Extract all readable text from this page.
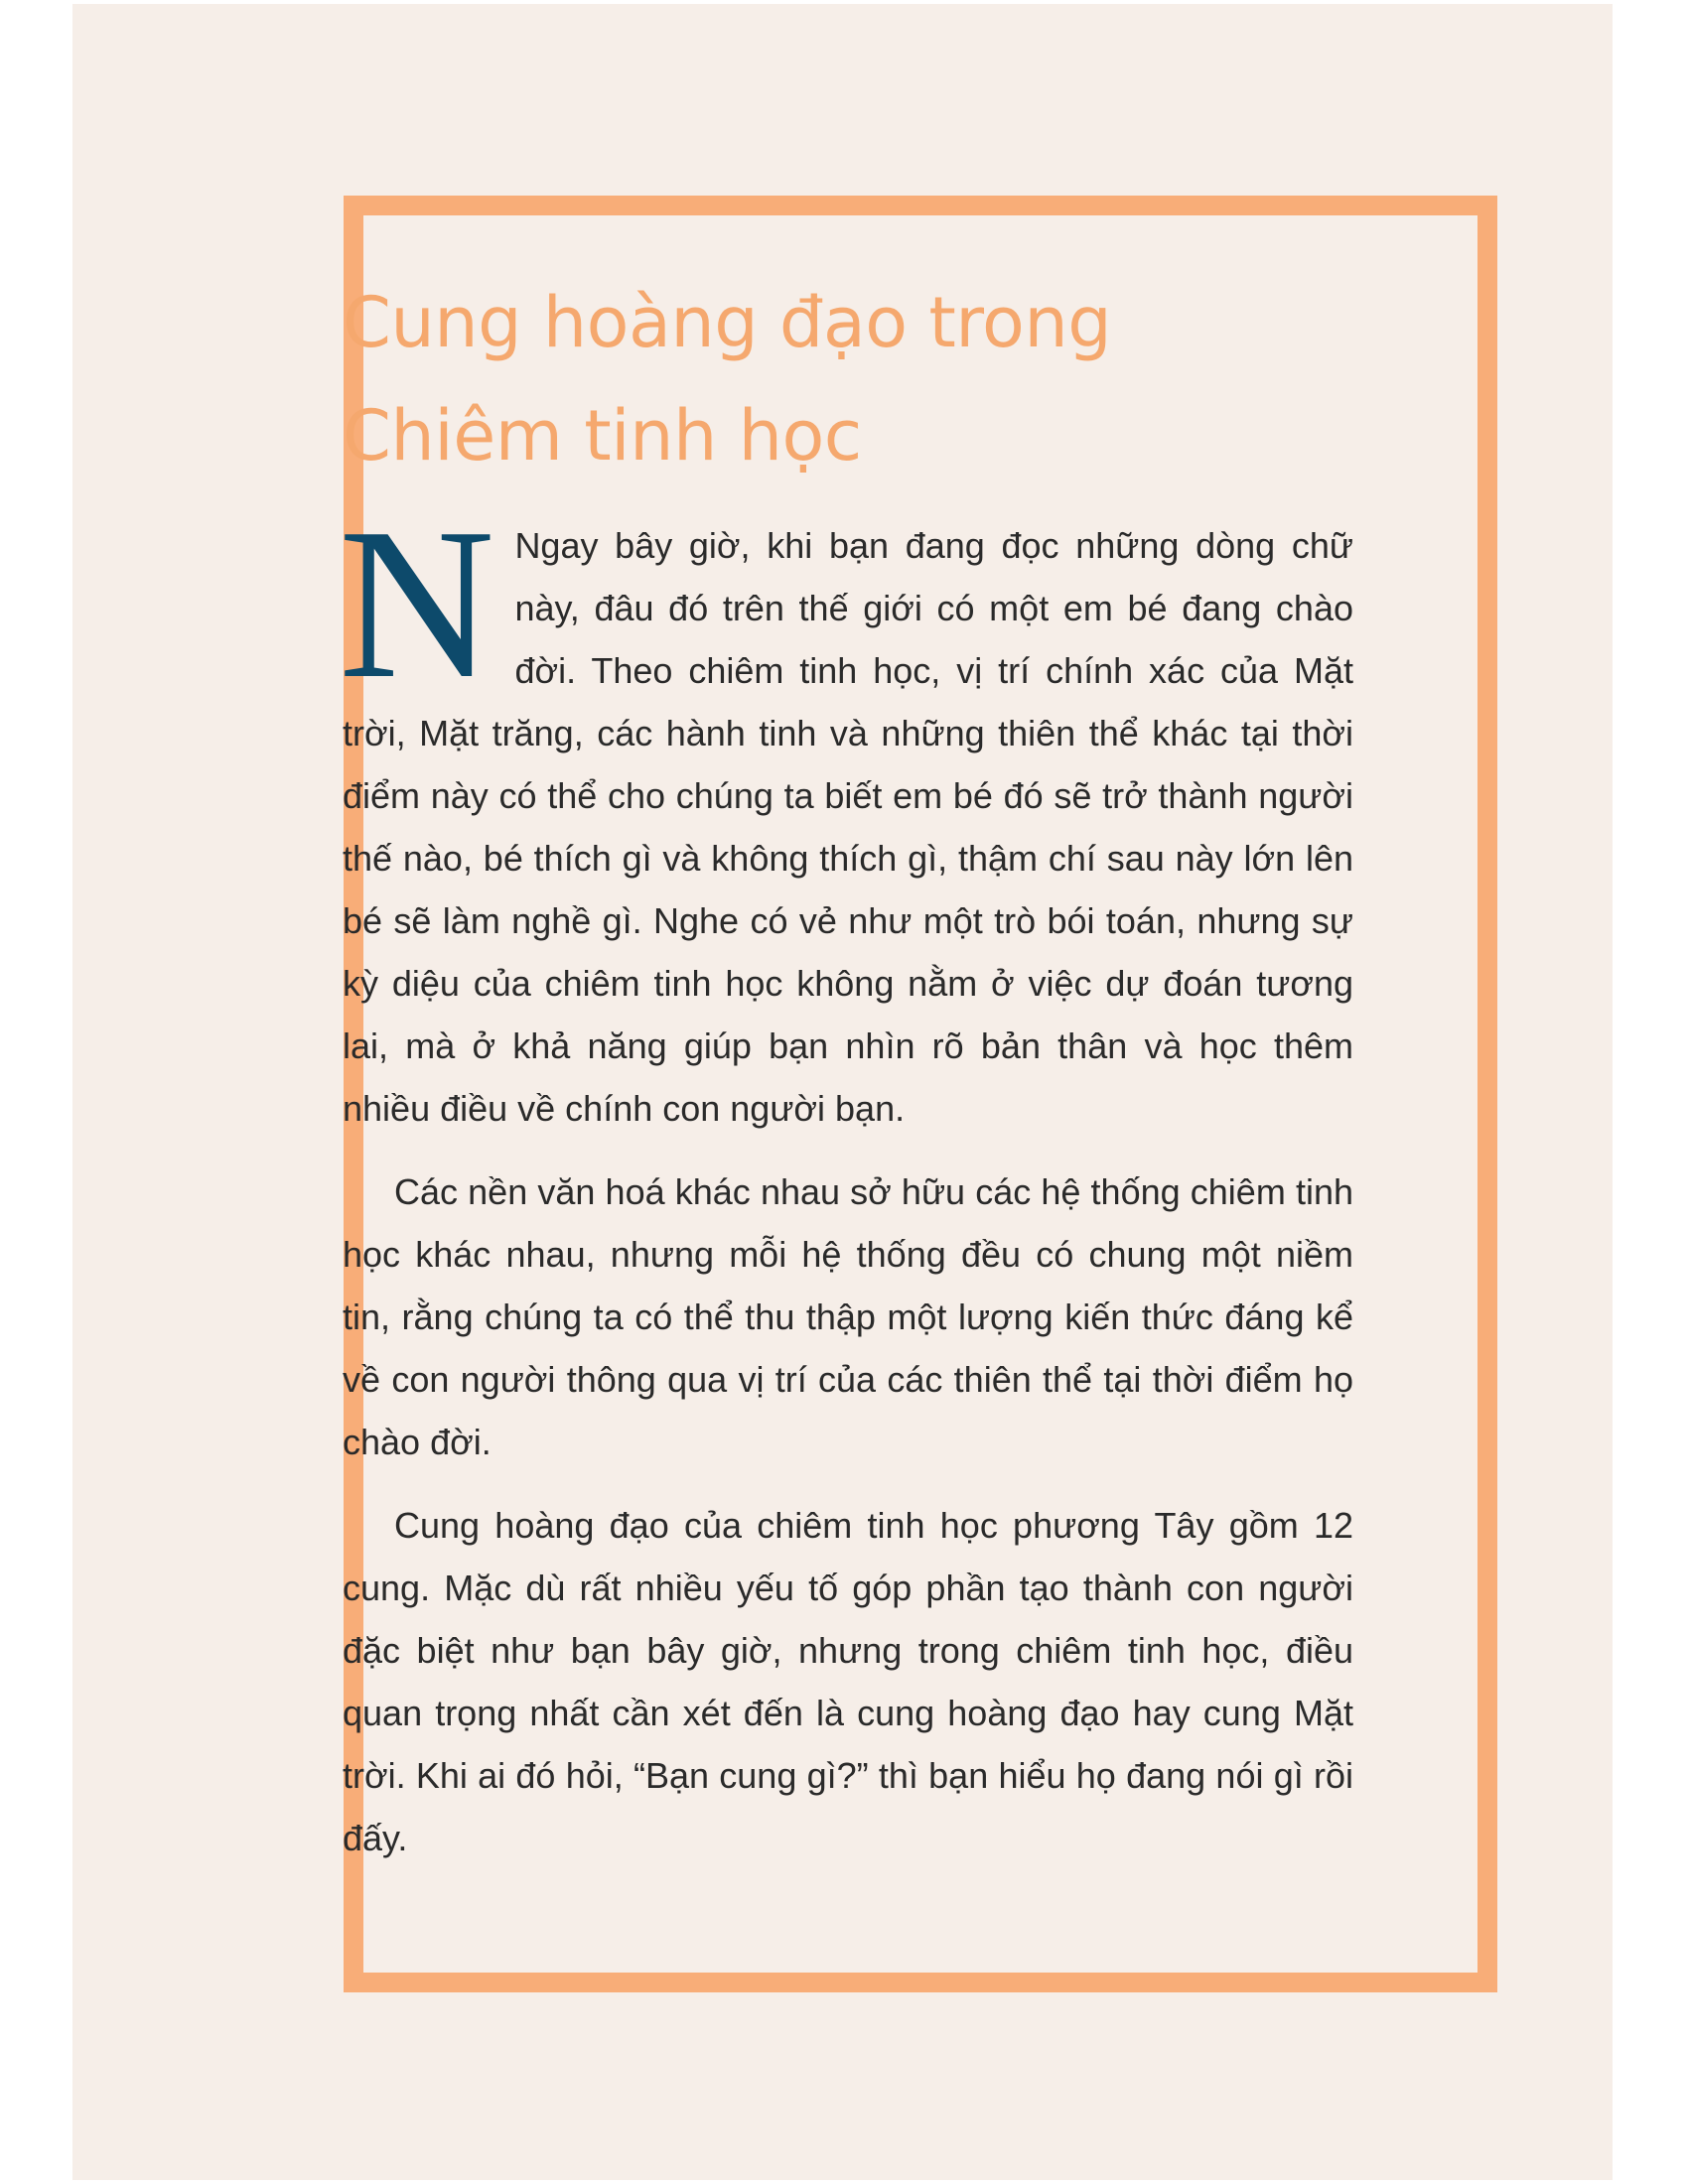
Cung hoàng đạo trong
Chiêm tinh học

N Ngay bây giờ, khi bạn đang đọc những dòng chữ này, đâu đó trên thế giới có một em bé đang chào đời. Theo chiêm tinh học, vị trí chính xác của Mặt trời, Mặt trăng, các hành tinh và những thiên thể khác tại thời điểm này có thể cho chúng ta biết em bé đó sẽ trở thành người thế nào, bé thích gì và không thích gì, thậm chí sau này lớn lên bé sẽ làm nghề gì. Nghe có vẻ như một trò bói toán, nhưng sự kỳ diệu của chiêm tinh học không nằm ở việc dự đoán tương lai, mà ở khả năng giúp bạn nhìn rõ bản thân và học thêm nhiều điều về chính con người bạn.

Các nền văn hoá khác nhau sở hữu các hệ thống chiêm tinh học khác nhau, nhưng mỗi hệ thống đều có chung một niềm tin, rằng chúng ta có thể thu thập một lượng kiến thức đáng kể về con người thông qua vị trí của các thiên thể tại thời điểm họ chào đời.

Cung hoàng đạo của chiêm tinh học phương Tây gồm 12 cung. Mặc dù rất nhiều yếu tố góp phần tạo thành con người đặc biệt như bạn bây giờ, nhưng trong chiêm tinh học, điều quan trọng nhất cần xét đến là cung hoàng đạo hay cung Mặt trời. Khi ai đó hỏi, “Bạn cung gì?” thì bạn hiểu họ đang nói gì rồi đấy.
